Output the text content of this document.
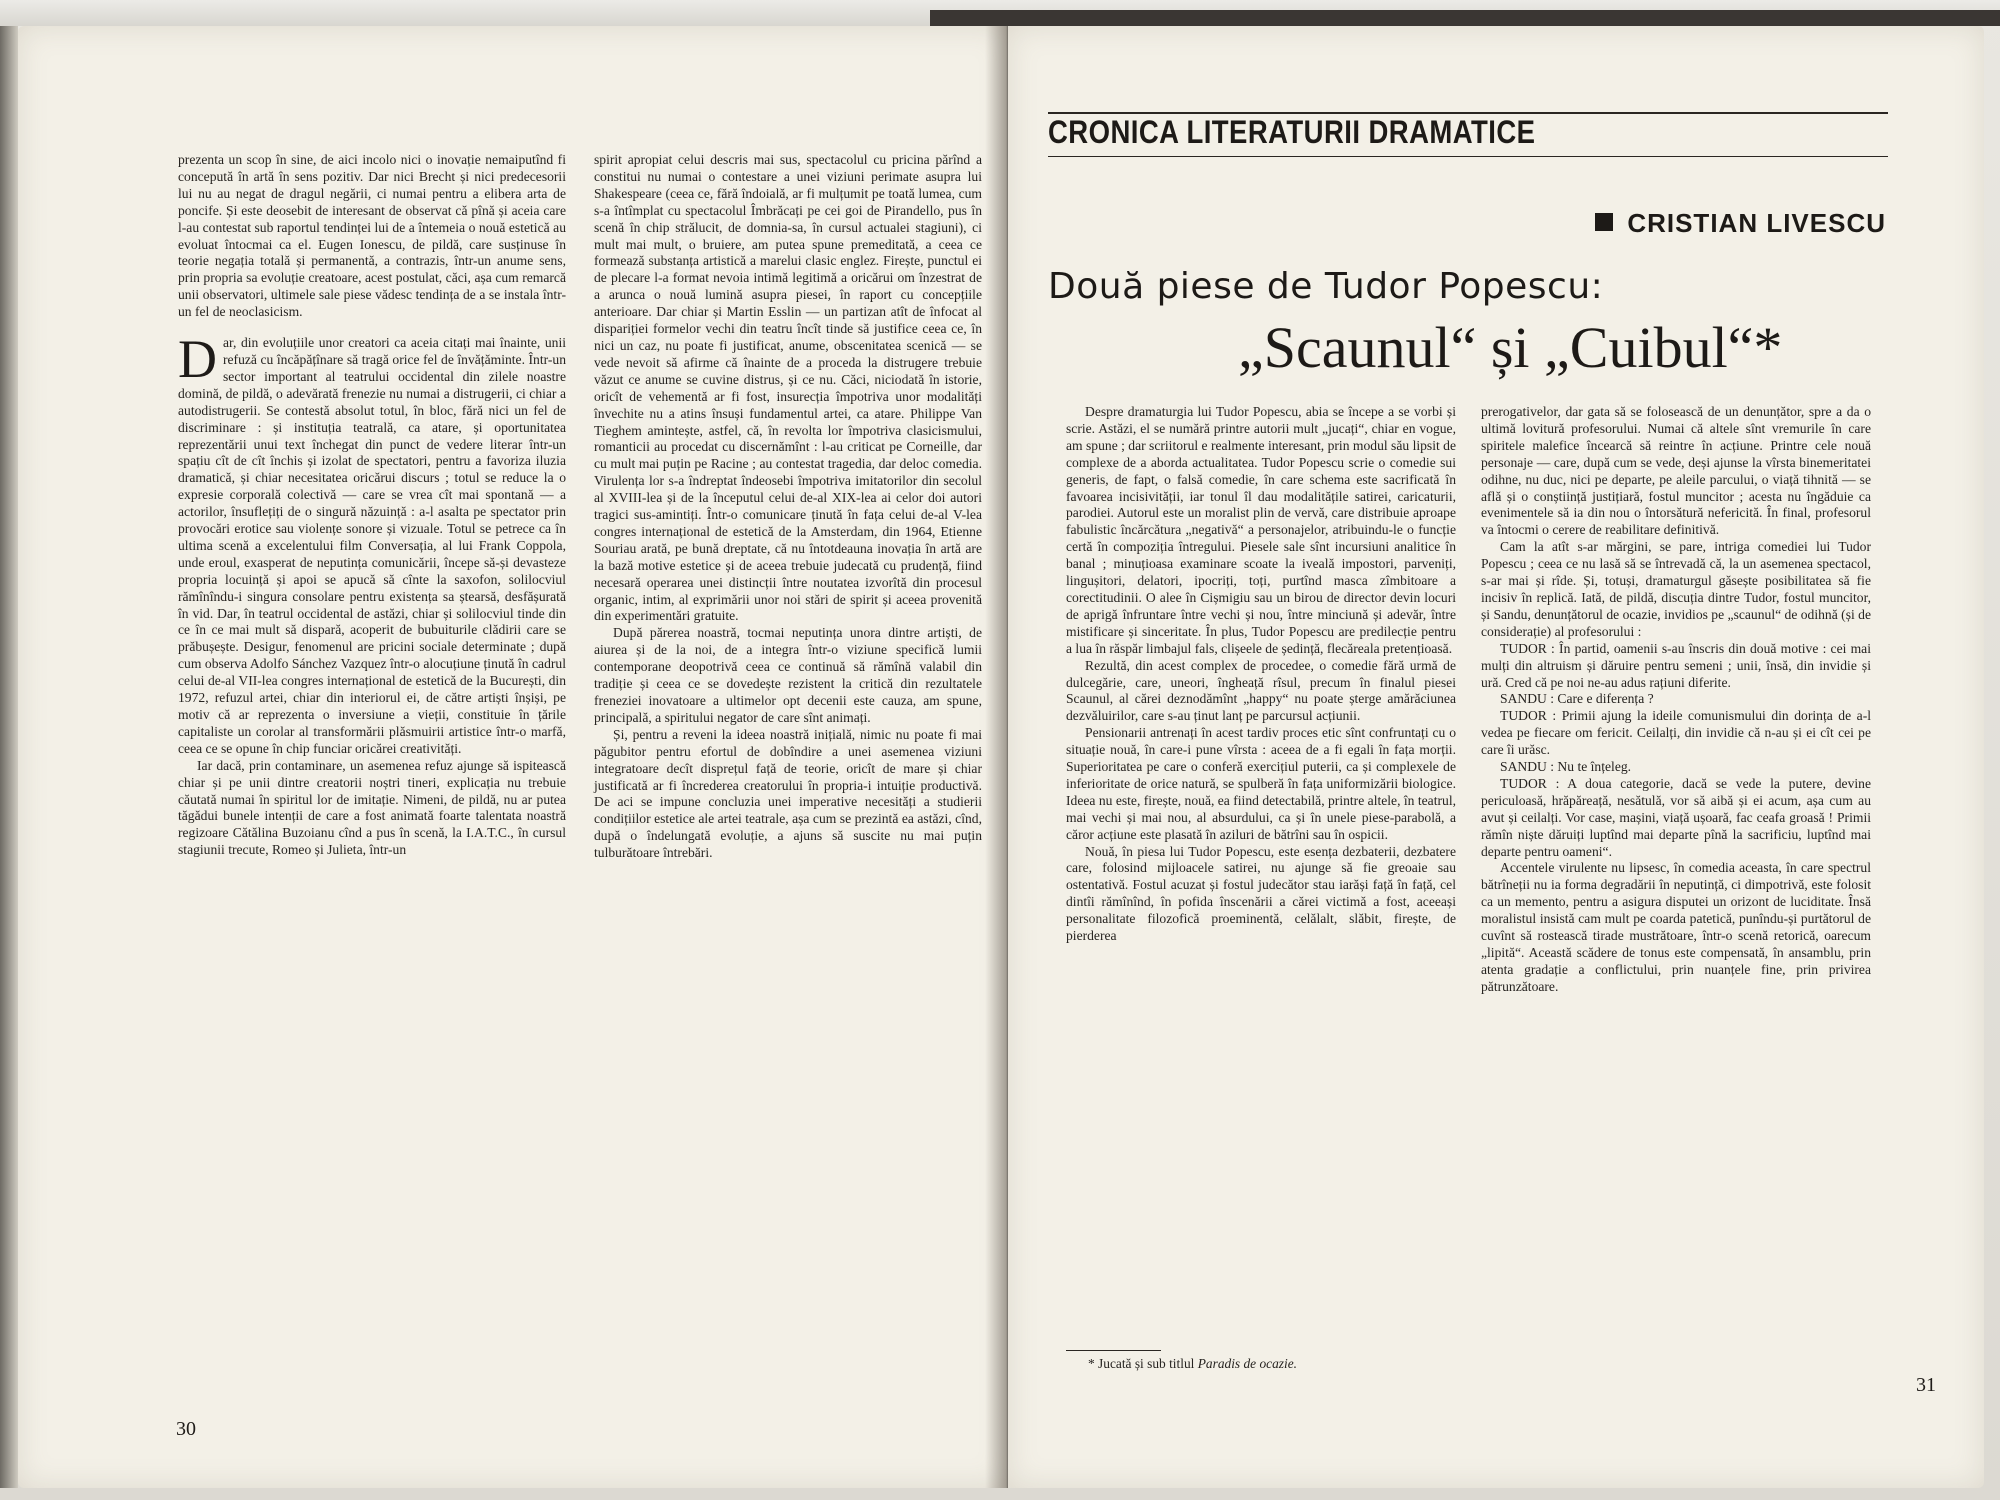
prezenta un scop în sine, de aici incolo nici o inovație nemaiputînd fi concepută în artă în sens pozitiv. Dar nici Brecht și nici predecesorii lui nu au negat de dragul negării, ci numai pentru a elibera arta de poncife. Și este deosebit de interesant de observat că pînă și aceia care l-au contestat sub raportul tendinței lui de a întemeia o nouă estetică au evoluat întocmai ca el. Eugen Ionescu, de pildă, care susținuse în teorie negația totală și permanentă, a contrazis, într-un anume sens, prin propria sa evoluție creatoare, acest postulat, căci, așa cum remarcă unii observatori, ultimele sale piese vădesc tendința de a se instala într-un fel de neoclasicism.

Dar, din evoluțiile unor creatori ca aceia citați mai înainte, unii refuză cu încăpățînare să tragă orice fel de învățăminte. Într-un sector important al teatrului occidental din zilele noastre domină, de pildă, o adevărată frenezie nu numai a distrugerii, ci chiar a autodistrugerii. Se contestă absolut totul, în bloc, fără nici un fel de discriminare : și instituția teatrală, ca atare, și oportunitatea reprezentării unui text închegat din punct de vedere literar într-un spațiu cît de cît închis și izolat de spectatori, pentru a favoriza iluzia dramatică, și chiar necesitatea oricărui discurs ; totul se reduce la o expresie corporală colectivă — care se vrea cît mai spontană — a actorilor, însuflețiți de o singură năzuință : a-l asalta pe spectator prin provocări erotice sau violențe sonore și vizuale. Totul se petrece ca în ultima scenă a excelentului film Conversația, al lui Frank Coppola, unde eroul, exasperat de neputința comunicării, începe să-și devasteze propria locuință și apoi se apucă să cînte la saxofon, solilocviul rămînîndu-i singura consolare pentru existența sa ștearsă, desfășurată în vid. Dar, în teatrul occidental de astăzi, chiar și solilocviul tinde din ce în ce mai mult să dispară, acoperit de bubuiturile clădirii care se prăbușește. Desigur, fenomenul are pricini sociale determinate ; după cum observa Adolfo Sánchez Vazquez într-o alocuțiune ținută în cadrul celui de-al VII-lea congres internațional de estetică de la București, din 1972, refuzul artei, chiar din interiorul ei, de către artiști înșiși, pe motiv că ar reprezenta o inversiune a vieții, constituie în țările capitaliste un corolar al transformării plăsmuirii artistice într-o marfă, ceea ce se opune în chip funciar oricărei creativități.

Iar dacă, prin contaminare, un asemenea refuz ajunge să ispitească chiar și pe unii dintre creatorii noștri tineri, explicația nu trebuie căutată numai în spiritul lor de imitație. Nimeni, de pildă, nu ar putea tăgădui bunele intenții de care a fost animată foarte talentata noastră regizoare Cătălina Buzoianu cînd a pus în scenă, la I.A.T.C., în cursul stagiunii trecute, Romeo și Julieta, într-un

spirit apropiat celui descris mai sus, spectacolul cu pricina părînd a constitui nu numai o contestare a unei viziuni perimate asupra lui Shakespeare (ceea ce, fără îndoială, ar fi mulțumit pe toată lumea, cum s-a întîmplat cu spectacolul Îmbrăcați pe cei goi de Pirandello, pus în scenă în chip strălucit, de domnia-sa, în cursul actualei stagiuni), ci mult mai mult, o bruiere, am putea spune premeditată, a ceea ce formează substanța artistică a marelui clasic englez. Firește, punctul ei de plecare l-a format nevoia intimă legitimă a oricărui om înzestrat de a arunca o nouă lumină asupra piesei, în raport cu concepțiile anterioare. Dar chiar și Martin Esslin — un partizan atît de înfocat al dispariției formelor vechi din teatru încît tinde să justifice ceea ce, în nici un caz, nu poate fi justificat, anume, obscenitatea scenică — se vede nevoit să afirme că înainte de a proceda la distrugere trebuie văzut ce anume se cuvine distrus, și ce nu. Căci, niciodată în istorie, oricît de vehementă ar fi fost, insurecția împotriva unor modalități învechite nu a atins însuși fundamentul artei, ca atare. Philippe Van Tieghem amintește, astfel, că, în revolta lor împotriva clasicismului, romanticii au procedat cu discernămînt : l-au criticat pe Corneille, dar cu mult mai puțin pe Racine ; au contestat tragedia, dar deloc comedia. Virulența lor s-a îndreptat îndeosebi împotriva imitatorilor din secolul al XVIII-lea și de la începutul celui de-al XIX-lea ai celor doi autori tragici sus-amintiți. Într-o comunicare ținută în fața celui de-al V-lea congres internațional de estetică de la Amsterdam, din 1964, Etienne Souriau arată, pe bună dreptate, că nu întotdeauna inovația în artă are la bază motive estetice și de aceea trebuie judecată cu prudență, fiind necesară operarea unei distincții între noutatea izvorîtă din procesul organic, intim, al exprimării unor noi stări de spirit și aceea provenită din experimentări gratuite.

După părerea noastră, tocmai neputința unora dintre artiști, de aiurea și de la noi, de a integra într-o viziune specifică lumii contemporane deopotrivă ceea ce continuă să rămînă valabil din tradiție și ceea ce se dovedește rezistent la critică din rezultatele freneziei inovatoare a ultimelor opt decenii este cauza, am spune, principală, a spiritului negator de care sînt animați.

Și, pentru a reveni la ideea noastră inițială, nimic nu poate fi mai păgubitor pentru efortul de dobîndire a unei asemenea viziuni integratoare decît disprețul față de teorie, oricît de mare și chiar justificată ar fi încrederea creatorului în propria-i intuiție productivă. De aci se impune concluzia unei imperative necesități a studierii condițiilor estetice ale artei teatrale, așa cum se prezintă ea astăzi, cînd, după o îndelungată evoluție, a ajuns să suscite nu mai puțin tulburătoare întrebări.

30
CRONICA LITERATURII DRAMATICE
CRISTIAN LIVESCU
Două piese de Tudor Popescu:
„Scaunul“ și „Cuibul“*

Despre dramaturgia lui Tudor Popescu, abia se începe a se vorbi și scrie. Astăzi, el se numără printre autorii mult „jucați“, chiar en vogue, am spune ; dar scriitorul e realmente interesant, prin modul său lipsit de complexe de a aborda actualitatea. Tudor Popescu scrie o comedie sui generis, de fapt, o falsă comedie, în care schema este sacrificată în favoarea incisivității, iar tonul îl dau modalitățile satirei, caricaturii, parodiei. Autorul este un moralist plin de vervă, care distribuie aproape fabulistic încărcătura „negativă“ a personajelor, atribuindu-le o funcție certă în compoziția întregului. Piesele sale sînt incursiuni analitice în banal ; minuțioasa examinare scoate la iveală impostori, parveniți, lingușitori, delatori, ipocriți, toți, purtînd masca zîmbitoare a corectitudinii. O alee în Cișmigiu sau un birou de director devin locuri de aprigă înfruntare între vechi și nou, între minciună și adevăr, între mistificare și sinceritate. În plus, Tudor Popescu are predilecție pentru a lua în răspăr limbajul fals, clișeele de ședință, flecăreala pretențioasă.

Rezultă, din acest complex de procedee, o comedie fără urmă de dulcegărie, care, uneori, îngheață rîsul, precum în finalul piesei Scaunul, al cărei deznodămînt „happy“ nu poate șterge amărăciunea dezvăluirilor, care s-au ținut lanț pe parcursul acțiunii.

Pensionarii antrenați în acest tardiv proces etic sînt confruntați cu o situație nouă, în care-i pune vîrsta : aceea de a fi egali în fața morții. Superioritatea pe care o conferă exercițiul puterii, ca și complexele de inferioritate de orice natură, se spulberă în fața uniformizării biologice. Ideea nu este, firește, nouă, ea fiind detectabilă, printre altele, în teatrul, mai vechi și mai nou, al absurdului, ca și în unele piese-parabolă, a căror acțiune este plasată în aziluri de bătrîni sau în ospicii.

Nouă, în piesa lui Tudor Popescu, este esența dezbaterii, dezbatere care, folosind mijloacele satirei, nu ajunge să fie greoaie sau ostentativă. Fostul acuzat și fostul judecător stau iarăși față în față, cel dintîi rămînînd, în pofida înscenării a cărei victimă a fost, aceeași personalitate filozofică proeminentă, celălalt, slăbit, firește, de pierderea

* Jucată și sub titlul Paradis de ocazie.

prerogativelor, dar gata să se folosească de un denunțător, spre a da o ultimă lovitură profesorului. Numai că altele sînt vremurile în care spiritele malefice încearcă să reintre în acțiune. Printre cele nouă personaje — care, după cum se vede, deși ajunse la vîrsta binemeritatei odihne, nu duc, nici pe departe, pe aleile parcului, o viață tihnită — se află și o conștiință justițiară, fostul muncitor ; acesta nu îngăduie ca evenimentele să ia din nou o întorsătură nefericită. În final, profesorul va întocmi o cerere de reabilitare definitivă.

Cam la atît s-ar mărgini, se pare, intriga comediei lui Tudor Popescu ; ceea ce nu lasă să se întrevadă că, la un asemenea spectacol, s-ar mai și rîde. Și, totuși, dramaturgul găsește posibilitatea să fie incisiv în replică. Iată, de pildă, discuția dintre Tudor, fostul muncitor, și Sandu, denunțătorul de ocazie, invidios pe „scaunul“ de odihnă (și de considerație) al profesorului :

TUDOR : În partid, oamenii s-au înscris din două motive : cei mai mulți din altruism și dăruire pentru semeni ; unii, însă, din invidie și ură. Cred că pe noi ne-au adus rațiuni diferite.

SANDU : Care e diferența ?

TUDOR : Primii ajung la ideile comunismului din dorința de a-l vedea pe fiecare om fericit. Ceilalți, din invidie că n-au și ei cît cei pe care îi urăsc.

SANDU : Nu te înțeleg.

TUDOR : A doua categorie, dacă se vede la putere, devine periculoasă, hrăpăreață, nesătulă, vor să aibă și ei acum, așa cum au avut și ceilalți. Vor case, mașini, viață ușoară, fac ceafa groasă ! Primii rămîn niște dăruiți luptînd mai departe pînă la sacrificiu, luptînd mai departe pentru oameni“.

Accentele virulente nu lipsesc, în comedia aceasta, în care spectrul bătrîneții nu ia forma degradării în neputință, ci dimpotrivă, este folosit ca un memento, pentru a asigura disputei un orizont de luciditate. Însă moralistul insistă cam mult pe coarda patetică, punîndu-și purtătorul de cuvînt să rostească tirade mustrătoare, într-o scenă retorică, oarecum „lipită“. Această scădere de tonus este compensată, în ansamblu, prin atenta gradație a conflictului, prin nuanțele fine, prin privirea pătrunzătoare.

31
